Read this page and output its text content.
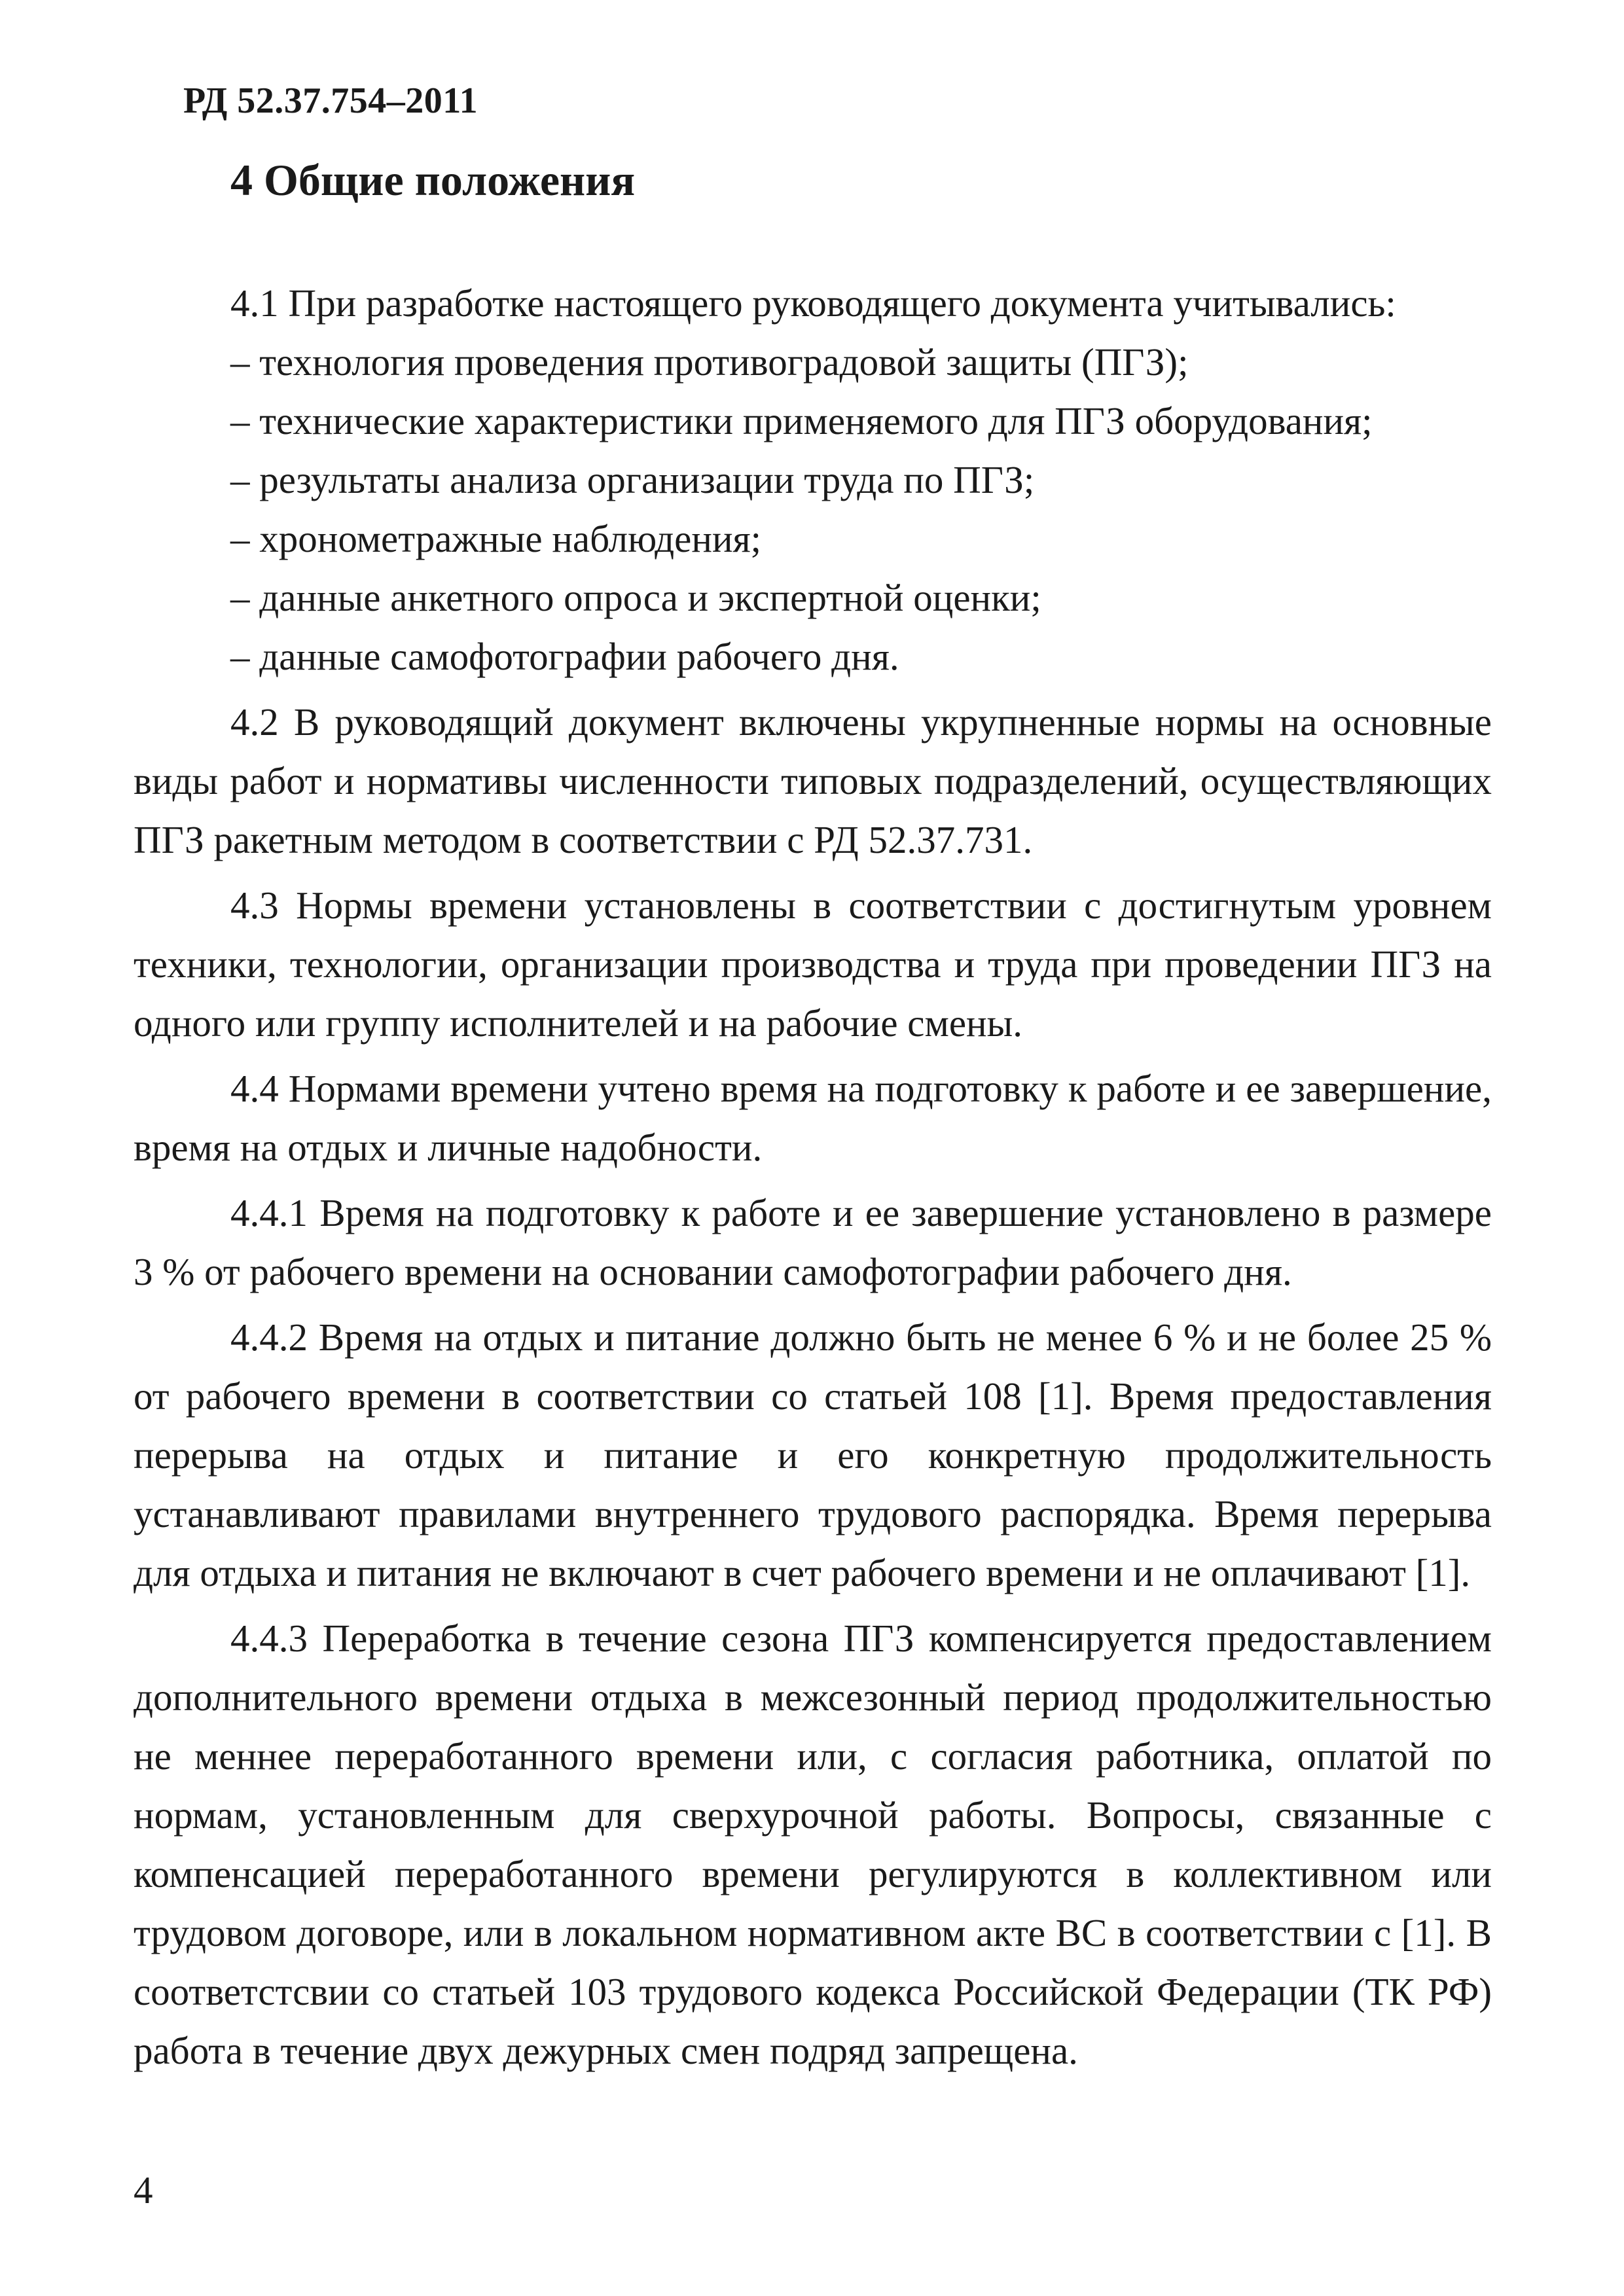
РД 52.37.754–2011
4 Общие положения

4.1 При разработке настоящего руководящего документа учитывались:

– технология проведения противоградовой защиты (ПГЗ);

– технические характеристики применяемого для ПГЗ оборудования;

– результаты анализа организации труда по ПГЗ;

– хронометражные наблюдения;

– данные анкетного опроса и экспертной оценки;

– данные самофотографии рабочего дня.

4.2 В руководящий документ включены укрупненные нормы на основные виды работ и нормативы численности типовых подразделений, осуществляющих ПГЗ ракетным методом в соответствии с РД 52.37.731.

4.3 Нормы времени установлены в соответствии с достигнутым уровнем техники, технологии, организации производства и труда при проведении ПГЗ на одного или группу исполнителей и на рабочие смены.

4.4 Нормами времени учтено время на подготовку к работе и ее завершение, время на отдых и личные надобности.

4.4.1 Время на подготовку к работе и ее завершение установлено в размере 3 % от рабочего времени на основании самофотографии рабочего дня.

4.4.2 Время на отдых и питание должно быть не менее 6 % и не более 25 % от рабочего времени в соответствии со статьей 108 [1]. Время предоставления перерыва на отдых и питание и его конкретную продолжительность устанавливают правилами внутреннего трудового распорядка. Время перерыва для отдыха и питания не включают в счет рабочего времени и не оплачивают [1].

4.4.3 Переработка в течение сезона ПГЗ компенсируется предоставлением дополнительного времени отдыха в межсезонный период продолжительностью не меннее переработанного времени или, с согласия работника, оплатой по нормам, установленным для сверхурочной работы. Вопросы, связанные с компенсацией переработанного времени регулируются в коллективном или трудовом договоре, или в локальном нормативном акте ВС в соответствии с [1]. В соответстсвии со статьей 103 трудового кодекса Российской Федерации (ТК РФ) работа в течение двух дежурных смен подряд запрещена.

4
